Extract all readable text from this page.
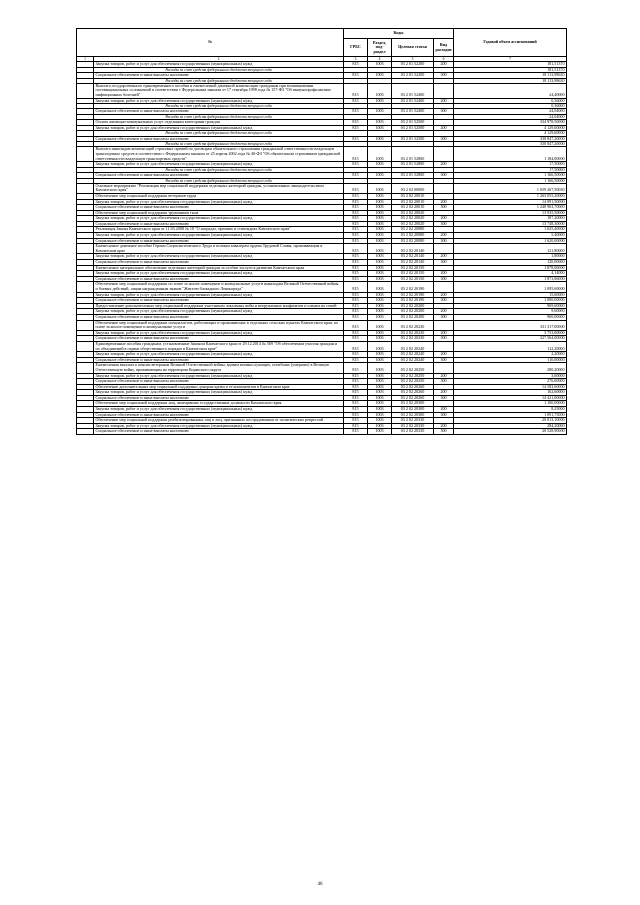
№		Коды				Годовой объем ассигнований
		ГРБС	Раздел, под- раздел	Целевая статья	Вид расходов	
1	2	3	4	5	6	7
	Закупка товаров, работ и услуг для обеспечения государственных (муниципальных) нужд	815	1003	03 2 01 52200	200	181,51370
	Расходы за счет средств федерального бюджета текущего года					181,51370
	Социальное обеспечение и иные выплаты населению	815	1003	03 2 01 52200	300	18 113,98630
	Расходы за счет средств федерального бюджета текущего года					18 113,98630
	Выплата государственного единовременного пособия и ежемесячной денежной компенсации гражданам при возникновении поствакцинальных осложнений в соответствии с Федеральным законом от 17 сентября 1998 года № 157-ФЗ "Об иммунопрофилактике инфекционных болезней"	815	1003	03 2 01 52400		24,40000
	Закупка товаров, работ и услуг для обеспечения государственных (муниципальных) нужд	815	1003	03 2 01 52400	200	0,36000
	Расходы за счет средств федерального бюджета текущего года					0,36000
	Социальное обеспечение и иные выплаты населению	815	1003	03 2 01 52400	300	24,04000
	Расходы за счет средств федерального бюджета текущего года					24,04000
	Оплата жилищно-коммунальных услуг отдельным категориям граждан	815	1003	03 2 01 52500		334 978,50000
	Закупка товаров, работ и услуг для обеспечения государственных (муниципальных) нужд	815	1003	03 2 01 52500	200	4 129,60000
	Расходы за счет средств федерального бюджета текущего года					4 129,60000
	Социальное обеспечение и иные выплаты населению	815	1003	03 2 01 52500	300	330 847,20000
	Расходы за счет средств федерального бюджета текущего года					330 847,20000
	Выплата инвалидам компенсаций страховых премий по договорам обязательного страхования гражданской ответственности владельцев транспортных средств в соответствии с Федеральным законом от 25 апреля 2002 года № 40-ФЗ "Об обязательном страховании гражданской ответственности владельцев транспортных средств"	815	1003	03 2 01 52800		1 184,00000
	Закупка товаров, работ и услуг для обеспечения государственных (муниципальных) нужд	815	1003	03 2 01 52800	200	17,50000
	Расходы за счет средств федерального бюджета текущего года					17,50000
	Социальное обеспечение и иные выплаты населению	815	1003	03 2 01 52800	300	1 166,50000
	Расходы за счет средств федерального бюджета текущего года					1 166,50000
	Основное мероприятие "Реализация мер социальной поддержки отдельных категорий граждан, установленных законодательством Камчатского края"	815	1003	03 2 02 00000		1 659 267,50030
	Обеспечение мер социальной поддержки ветеранов труда	815	1003	03 2 02 20010		1 263 055,20000
	Закупка товаров, работ и услуг для обеспечения государственных (муниципальных) нужд	815	1003	03 2 02 20010	200	14 091,50000
	Социальное обеспечение и иные выплаты населению	815	1003	03 2 02 20010	300	1 248 963,70000
	Обеспечение мер социальной поддержки тружеников тыла	815	1003	03 2 02 20020		13 935,50000
	Закупка товаров, работ и услуг для обеспечения государственных (муниципальных) нужд	815	1003	03 2 02 20020	200	187,20000
	Социальное обеспечение и иные выплаты населению	815	1003	03 2 02 20020	300	13 748,30000
	Реализация Закона Камчатского края от 11.03.2008 № 18 "О наградах, премиях и стипендиях Камчатского края"	815	1003	03 2 02 20080		1 625,40000
	Закупка товаров, работ и услуг для обеспечения государственных (муниципальных) нужд	815	1003	03 2 02 20080	200	5,40000
	Социальное обеспечение и иные выплаты населению	815	1003	03 2 02 20080	300	1 620,00000
	Ежемесячное денежное пособие Героям Социалистического Труда и полным кавалерам ордена Трудовой Славы, проживающим в Камчатском крае	815	1003	03 2 02 20140		121,80000
	Закупка товаров, работ и услуг для обеспечения государственных (муниципальных) нужд	815	1003	03 2 02 20140	200	1,80000
	Социальное обеспечение и иные выплаты населению	815	1003	03 2 02 20140	300	120,00000
	Ежемесячное материальное обеспечение отдельных категорий граждан за особые заслуги в развитии Камчатского края	815	1003	03 2 02 20150		1 878,00000
	Закупка товаров, работ и услуг для обеспечения государственных (муниципальных) нужд	815	1003	03 2 02 20150	200	4,14000
	Социальное обеспечение и иные выплаты населению	815	1003	03 2 02 20150	300	1 873,86000
	Обеспечение мер социальной поддержки по плате за жилое помещение и коммунальные услуги инвалидам Великой Отечественной войны и боевых действий, лицам награжденным знаком "Жителю блокадного Ленинграда"	815	1003	03 2 02 20190		1 095,60000
	Закупка товаров, работ и услуг для обеспечения государственных (муниципальных) нужд	815	1003	03 2 02 20190	200	15,60000
	Социальное обеспечение и иные выплаты населению	815	1003	03 2 02 20190	300	1 080,00000
	Предоставление дополнительных мер социальной поддержки участникам локальных войн и вооруженных конфликтов и членам их семей	815	1003	03 2 02 20200		969,60000
	Закупка товаров, работ и услуг для обеспечения государственных (муниципальных) нужд	815	1003	03 2 02 20200	200	9,60000
	Социальное обеспечение и иные выплаты населению	815	1003	03 2 02 20200	300	960,00000
	Обеспечение мер социальной поддержки специалистов, работающих и проживающих в отдельных сельских пунктах Камчатского края, по плате за жилое помещение и коммунальные услуги	815	1003	03 2 02 20230		331 317,00000
	Закупка товаров, работ и услуг для обеспечения государственных (муниципальных) нужд	815	1003	03 2 02 20230	200	3 753,00000
	Социальное обеспечение и иные выплаты населению	815	1003	03 2 02 20230	300	327 564,00000
	Единовременные пособия гражданам, установленные Законом Камчатского края от 29.12.2014 № 569 "Об обеспечении участия граждан и их объединений в охране общественного порядка в Камчатском крае"	815	1003	03 2 02 20240		112,20000
	Закупка товаров, работ и услуг для обеспечения государственных (муниципальных) нужд	815	1003	03 2 02 20240	200	2,20000
	Социальное обеспечение и иные выплаты населению	815	1003	03 2 02 20240	300	110,00000
	Ежемесячная выплата к пенсии ветеранам Великой Отечественной войны, вдовам военнослужащих, погибших (умерших) в Великую Отечественную войну, проживающим на территории Корякского округа	815	1003	03 2 02 20250		280,20000
	Закупка товаров, работ и услуг для обеспечения государственных (муниципальных) нужд	815	1003	03 2 02 20250	200	3,60000
	Социальное обеспечение и иные выплаты населению	815	1003	03 2 02 20250	300	276,60000
	Обеспечение дополнительных мер социальной поддержки донорам крови и ее компонентов в Камчатском крае	815	1003	03 2 02 20260		14 583,60000
	Закупка товаров, работ и услуг для обеспечения государственных (муниципальных) нужд	815	1003	03 2 02 20260	200	162,60000
	Социальное обеспечение и иные выплаты населению	815	1003	03 2 02 20260	300	14 421,00000
	Обеспечение мер социальной поддержки лиц, замещавших государственные должности Камчатского края	815	1003	03 2 02 20300		1 100,00000
	Закупка товаров, работ и услуг для обеспечения государственных (муниципальных) нужд	815	1003	03 2 02 20300	200	8,25000
	Социальное обеспечение и иные выплаты населению	815	1003	03 2 02 20300	300	1 091,75000
	Обеспечение мер социальной поддержки реабилитированных лиц и лиц, признанных пострадавшими от политических репрессий	815	1003	03 2 02 20330		20 813,10000
	Закупка товаров, работ и услуг для обеспечения государственных (муниципальных) нужд	815	1003	03 2 02 20330	200	284,20000
	Социальное обеспечение и иные выплаты населению	815	1003	03 2 02 20330	300	20 528,90000
46
